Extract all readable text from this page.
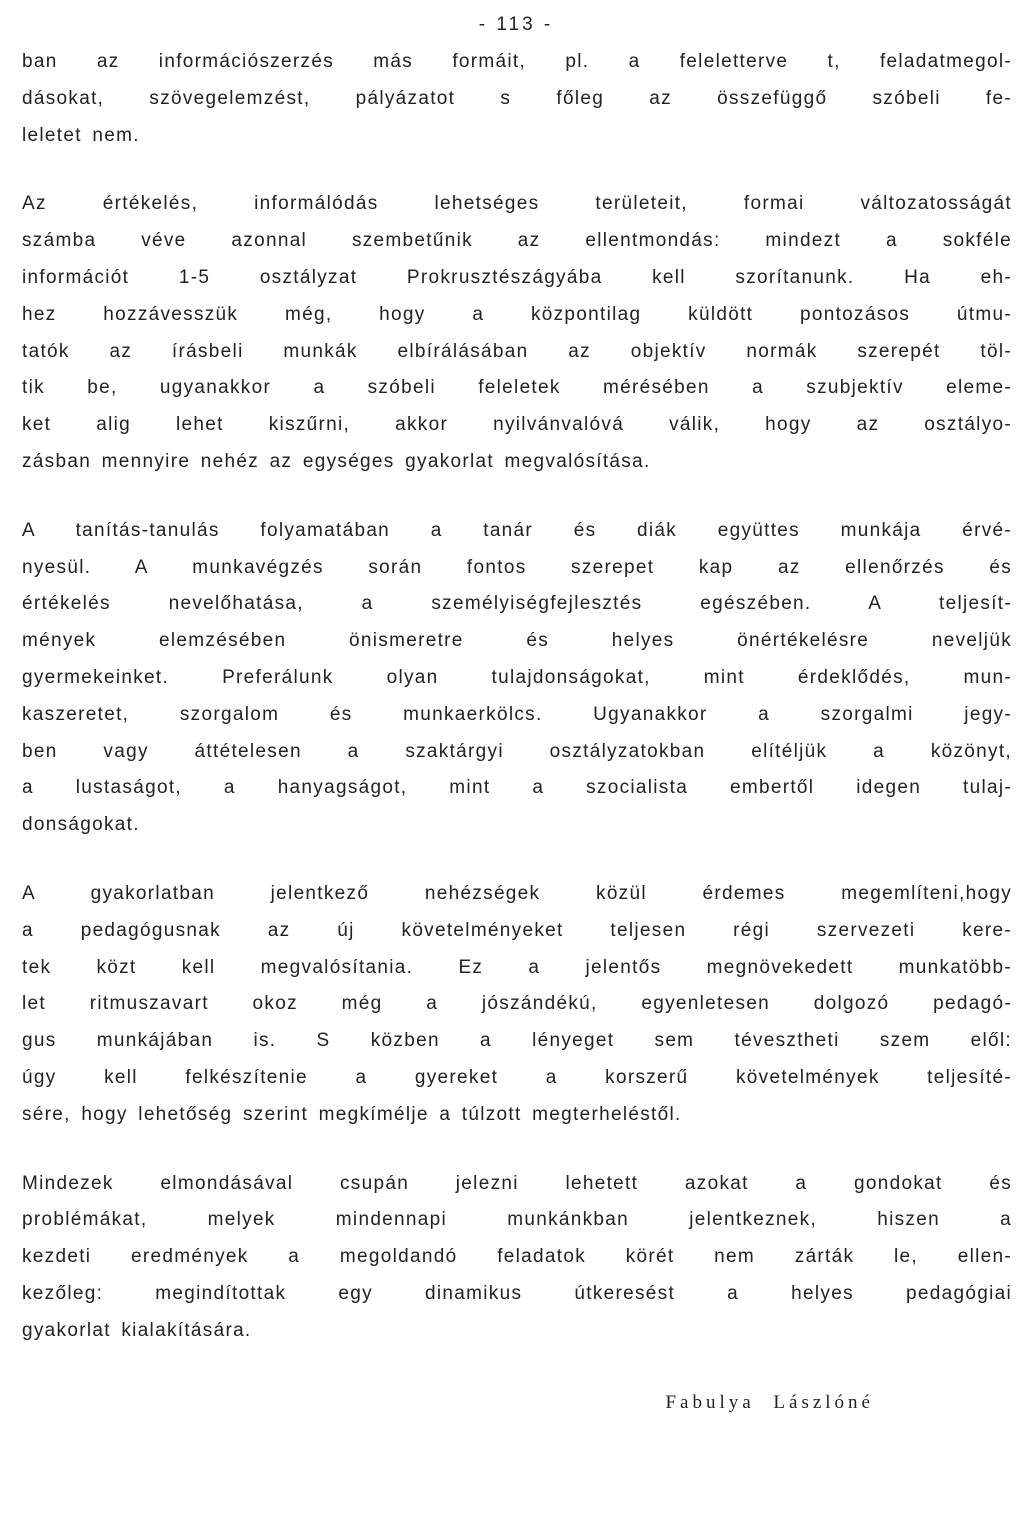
- 113 -
ban az információszerzés más formáit, pl. a feleletterve t, feladatmegol-
dásokat, szövegelemzést, pályázatot s főleg az összefüggő szóbeli fe-
leletet nem.
Az értékelés, informálódás lehetséges területeit, formai változatosságát
számba véve azonnal szembetűnik az ellentmondás: mindezt a sokféle
információt 1-5 osztályzat Prokrusztészágyába kell szorítanunk. Ha eh-
hez hozzávesszük még, hogy a központilag küldött pontozásos útmu-
tatók az írásbeli munkák elbírálásában az objektív normák szerepét töl-
tik be, ugyanakkor a szóbeli feleletek mérésében a szubjektív eleme-
ket alig lehet kiszűrni, akkor nyilvánvalóvá válik, hogy az osztályo-
zásban mennyire nehéz az egységes gyakorlat megvalósítása.
A tanítás-tanulás folyamatában a tanár és diák együttes munkája érvé-
nyesül. A munkavégzés során fontos szerepet kap az ellenőrzés és
értékelés nevelőhatása, a személyiségfejlesztés egészében. A teljesít-
mények elemzésében önismeretre és helyes önértékelésre neveljük
gyermekeinket. Preferálunk olyan tulajdonságokat, mint érdeklődés, mun-
kaszeretet, szorgalom és munkaerkölcs. Ugyanakkor a szorgalmi jegy-
ben vagy áttételesen a szaktárgyi osztályzatokban elítéljük a közönyt,
a lustaságot, a hanyagságot, mint a szocialista embertől idegen tulaj-
donságokat.
A gyakorlatban jelentkező nehézségek közül érdemes megemlíteni,hogy
a pedagógusnak az új követelményeket teljesen régi szervezeti kere-
tek közt kell megvalósítania. Ez a jelentős megnövekedett munkatöbb-
let ritmuszavart okoz még a jószándékú, egyenletesen dolgozó pedagó-
gus munkájában is. S közben a lényeget sem tévesztheti szem elől:
úgy kell felkészítenie a gyereket a korszerű követelmények teljesíté-
sére, hogy lehetőség szerint megkímélje a túlzott megterheléstől.
Mindezek elmondásával csupán jelezni lehetett azokat a gondokat és
problémákat, melyek mindennapi munkánkban jelentkeznek, hiszen a
kezdeti eredmények a megoldandó feladatok körét nem zárták le, ellen-
kezőleg: megindítottak egy dinamikus útkeresést a helyes pedagógiai
gyakorlat kialakítására.
Fabulya Lászlóné
